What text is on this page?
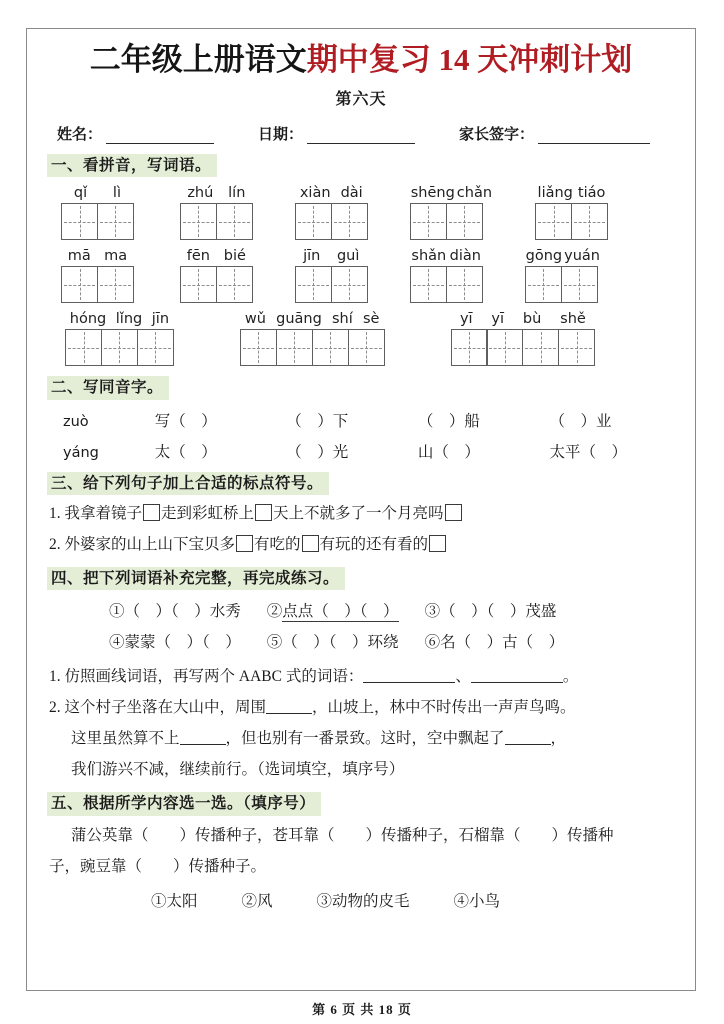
二年级上册语文期中复习 14 天冲刺计划
第六天
姓名：	日期：	家长签字：
一、看拼音，写词语。
qǐ lì	zhú lín	xiàn dài	shēng chǎn	liǎng tiáo
mā ma	fēn bié	jīn guì	shǎn diàn	gōng yuán
hóng lǐng jīn	wǔ guāng shí sè	yī yī bù shě
二、写同音字。
zuò	写（　）	（　）下	（　）船	（　）业
yáng	太（　）	（　）光	山（　）	太平（　）
三、给下列句子加上合适的标点符号。
1. 我拿着镜子 走到彩虹桥上 天上不就多了一个月亮吗
2. 外婆家的山上山下宝贝多 有吃的 有玩的还有看的
四、把下列词语补充完整，再完成练习。
①（　）（　）水秀 ②点点（　）（　） ③（　）（　）茂盛
④蒙蒙（　）（　） ⑤（　）（　）环绕 ⑥名（　）古（　）
1. 仿照画线词语，再写两个 AABC 式的词语：	、	。
2. 这个村子坐落在大山中，周围	，山坡上，林中不时传出一声声鸟鸣。
这里虽然算不上	，但也别有一番景致。这时，空中飘起了	，
我们游兴不减，继续前行。（选词填空，填序号）
五、根据所学内容选一选。（填序号）
蒲公英靠（　　）传播种子，苍耳靠（　　）传播种子，石榴靠（　　）传播种
子，豌豆靠（　　）传播种子。
①太阳	②风	③动物的皮毛	④小鸟
第 6 页 共 18 页
